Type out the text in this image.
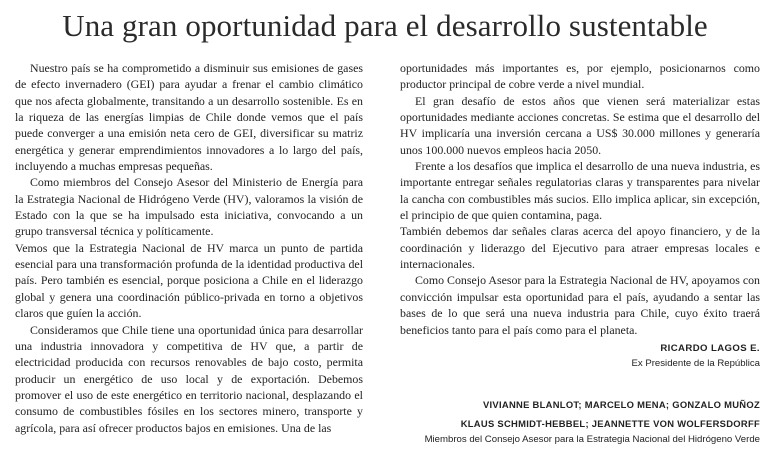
Una gran oportunidad para el desarrollo sustentable

Nuestro país se ha comprometido a disminuir sus emisiones de gases de efecto invernadero (GEI) para ayudar a frenar el cambio climático que nos afecta globalmente, transitando a un desarrollo sostenible. Es en la riqueza de las energías limpias de Chile donde vemos que el país puede converger a una emisión neta cero de GEI, diversificar su matriz energética y generar emprendimientos innovadores a lo largo del país, incluyendo a muchas empresas pequeñas.

Como miembros del Consejo Asesor del Ministerio de Energía para la Estrategia Nacional de Hidrógeno Verde (HV), valoramos la visión de Estado con la que se ha impulsado esta iniciativa, convocando a un grupo transversal técnica y políticamente.

Vemos que la Estrategia Nacional de HV marca un punto de partida esencial para una transformación profunda de la identidad productiva del país. Pero también es esencial, porque posiciona a Chile en el liderazgo global y genera una coordinación público-privada en torno a objetivos claros que guíen la acción.

Consideramos que Chile tiene una oportunidad única para desarrollar una industria innovadora y competitiva de HV que, a partir de electricidad producida con recursos renovables de bajo costo, permita producir un energético de uso local y de exportación. Debemos promover el uso de este energético en territorio nacional, desplazando el consumo de combustibles fósiles en los sectores minero, transporte y agrícola, para así ofrecer productos bajos en emisiones. Una de las

oportunidades más importantes es, por ejemplo, posicionarnos como productor principal de cobre verde a nivel mundial.

El gran desafío de estos años que vienen será materializar estas oportunidades mediante acciones concretas. Se estima que el desarrollo del HV implicaría una inversión cercana a US$ 30.000 millones y generaría unos 100.000 nuevos empleos hacia 2050.

Frente a los desafíos que implica el desarrollo de una nueva industria, es importante entregar señales regulatorias claras y transparentes para nivelar la cancha con combustibles más sucios. Ello implica aplicar, sin excepción, el principio de que quien contamina, paga.

También debemos dar señales claras acerca del apoyo financiero, y de la coordinación y liderazgo del Ejecutivo para atraer empresas locales e internacionales.

Como Consejo Asesor para la Estrategia Nacional de HV, apoyamos con convicción impulsar esta oportunidad para el país, ayudando a sentar las bases de lo que será una nueva industria para Chile, cuyo éxito traerá beneficios tanto para el país como para el planeta.

RICARDO LAGOS E.

Ex Presidente de la República

VIVIANNE BLANLOT; MARCELO MENA; GONZALO MUÑOZ

KLAUS SCHMIDT-HEBBEL; JEANNETTE VON WOLFERSDORFF

Miembros del Consejo Asesor para la Estrategia Nacional del Hidrógeno Verde
